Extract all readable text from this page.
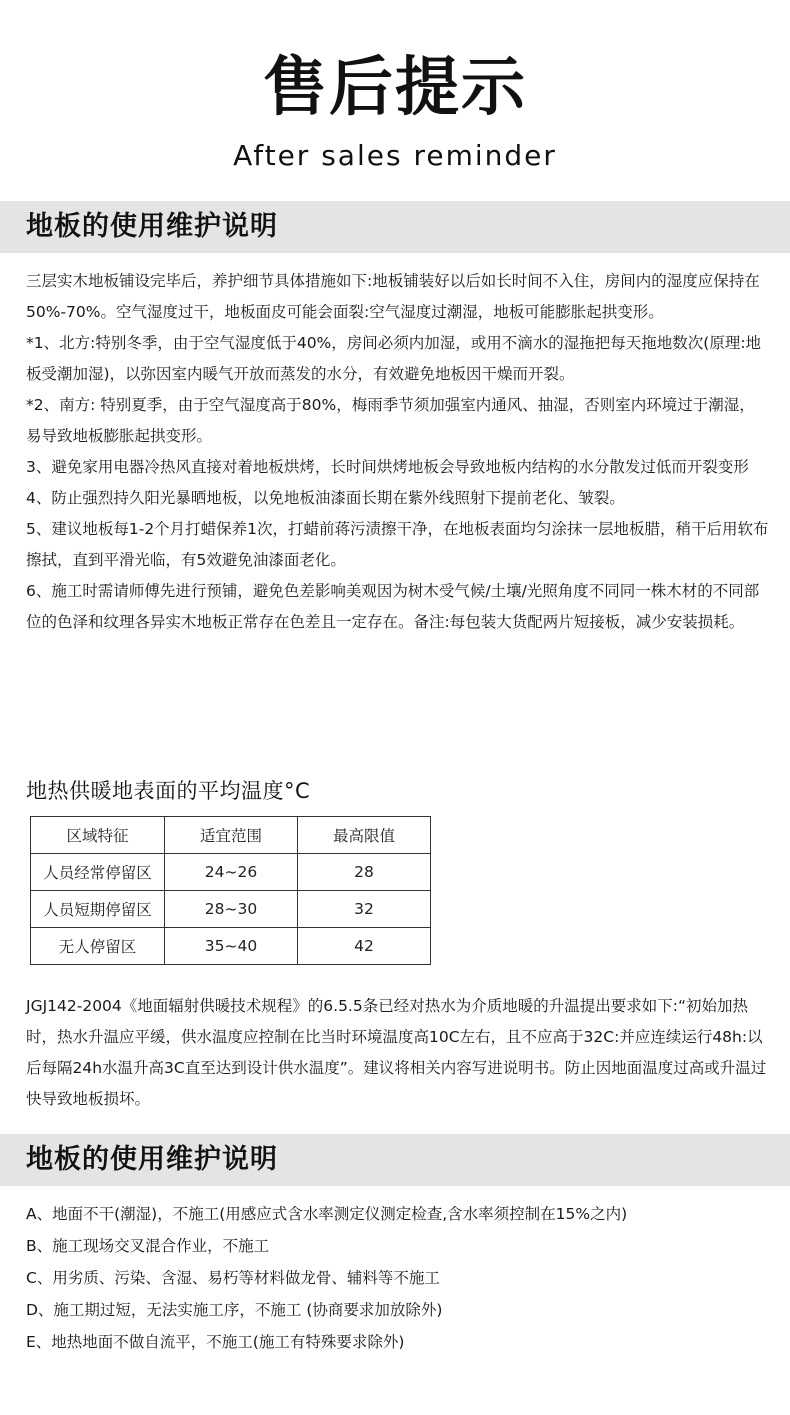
售后提示
After sales reminder
地板的使用维护说明

三层实木地板铺设完毕后，养护细节具体措施如下:地板铺装好以后如长时间不入住，房间内的湿度应保持在50%-70%。空气湿度过干，地板面皮可能会面裂:空气湿度过潮湿，地板可能膨胀起拱变形。

*1、北方:特别冬季，由于空气湿度低于40%，房间必须内加湿，或用不滴水的湿拖把每天拖地数次(原理:地板受潮加湿)，以弥因室内暖气开放而蒸发的水分，有效避免地板因干燥而开裂。

*2、南方: 特别夏季，由于空气湿度高于80%，梅雨季节须加强室内通风、抽湿，否则室内环境过于潮湿，易导致地板膨胀起拱变形。

3、避免家用电器冷热风直接对着地板烘烤，长时间烘烤地板会导致地板内结构的水分散发过低而开裂变形

4、防止强烈持久阳光暴晒地板，以免地板油漆面长期在紫外线照射下提前老化、皱裂。

5、建议地板每1-2个月打蜡保养1次，打蜡前蒋污渍擦干净，在地板表面均匀涂抹一层地板腊，稍干后用软布擦拭，直到平滑光临，有5效避免油漆面老化。

6、施工时需请师傅先进行预铺，避免色差影响美观因为树木受气候/土壤/光照角度不同同一株木材的不同部位的色泽和纹理各异实木地板正常存在色差且一定存在。备注:每包装大货配两片短接板，减少安装损耗。

地热供暖地表面的平均温度°C
区域特征	适宜范围	最高限值
人员经常停留区	24~26	28
人员短期停留区	28~30	32
无人停留区	35~40	42

JGJ142-2004《地面辐射供暖技术规程》的6.5.5条已经对热水为介质地暖的升温提出要求如下:“初始加热时，热水升温应平缓，供水温度应控制在比当时环境温度高10C左右，且不应高于32C:并应连续运行48h:以后每隔24h水温升高3C直至达到设计供水温度”。建议将相关内容写进说明书。防止因地面温度过高或升温过快导致地板损坏。

地板的使用维护说明

A、地面不干(潮湿)，不施工(用感应式含水率测定仪测定检查,含水率须控制在15%之内)

B、施工现场交叉混合作业，不施工

C、用劣质、污染、含湿、易朽等材料做龙骨、辅料等不施工

D、施工期过短，无法实施工序，不施工 (协商要求加放除外)

E、地热地面不做自流平，不施工(施工有特殊要求除外)
